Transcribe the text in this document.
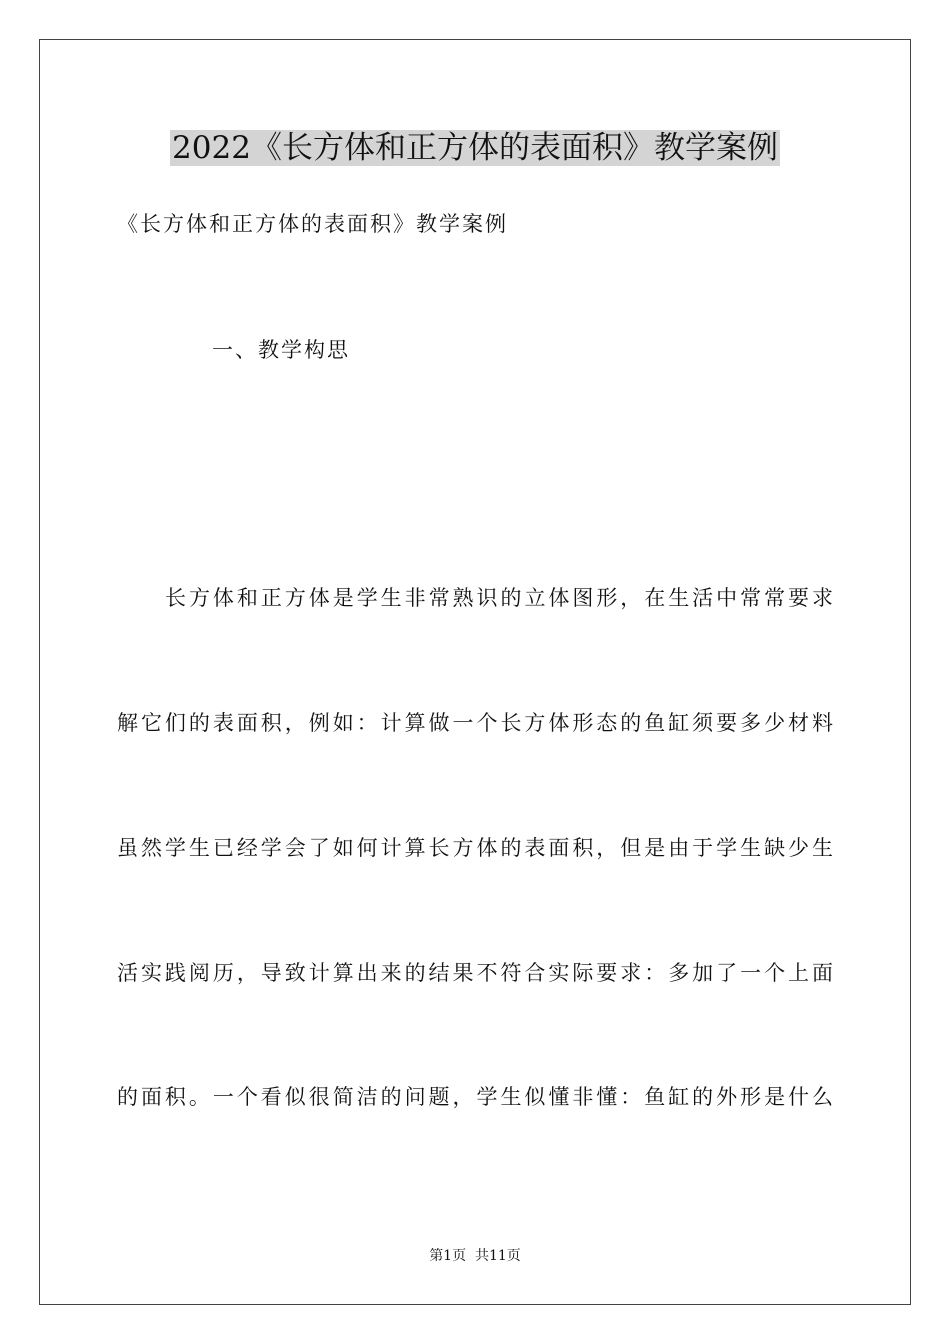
2022《长方体和正方体的表面积》教学案例
《长方体和正方体的表面积》教学案例
一、教学构思
长方体和正方体是学生非常熟识的立体图形，在生活中常常要求
解它们的表面积，例如：计算做一个长方体形态的鱼缸须要多少材料
虽然学生已经学会了如何计算长方体的表面积，但是由于学生缺少生
活实践阅历，导致计算出来的结果不符合实际要求：多加了一个上面
的面积。一个看似很简洁的问题，学生似懂非懂：鱼缸的外形是什么
第1页  共11页
